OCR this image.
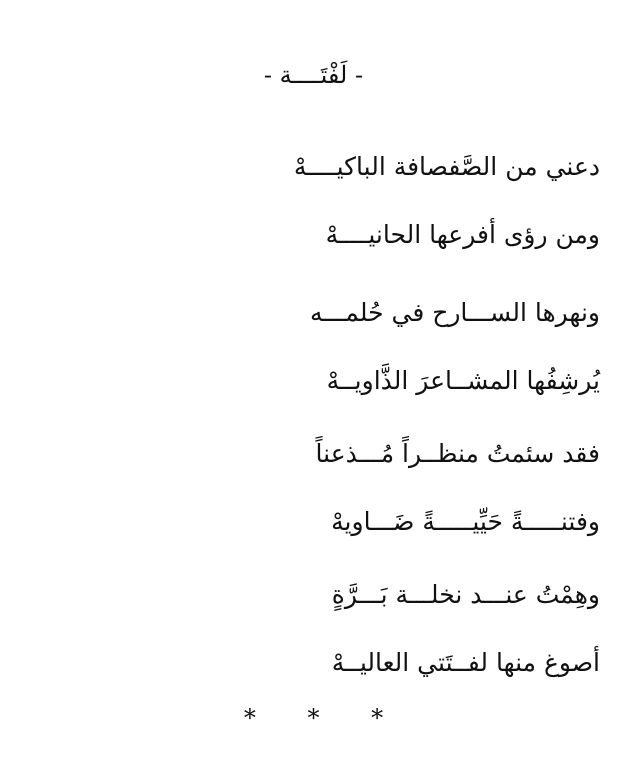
- لَفْتَــــة -
دعني من الصَّفصافة الباكيــــهْ
ومن رؤى أفرعها الحانيــــهْ
ونهرها الســـارح في حُلمـــه
يُرشِفُها المشــاعرَ الذَّاويــهْ
فقد سئمتُ منظــراً مُـــذعناً
وفتنـــــةً حَيِّيـــــةً ضَـــاويهْ
وهِمْتُ عنـــد نخلـــة بَـــرَّةٍ
أصوغ منها لفــتَتي العاليــهْ
* * *
